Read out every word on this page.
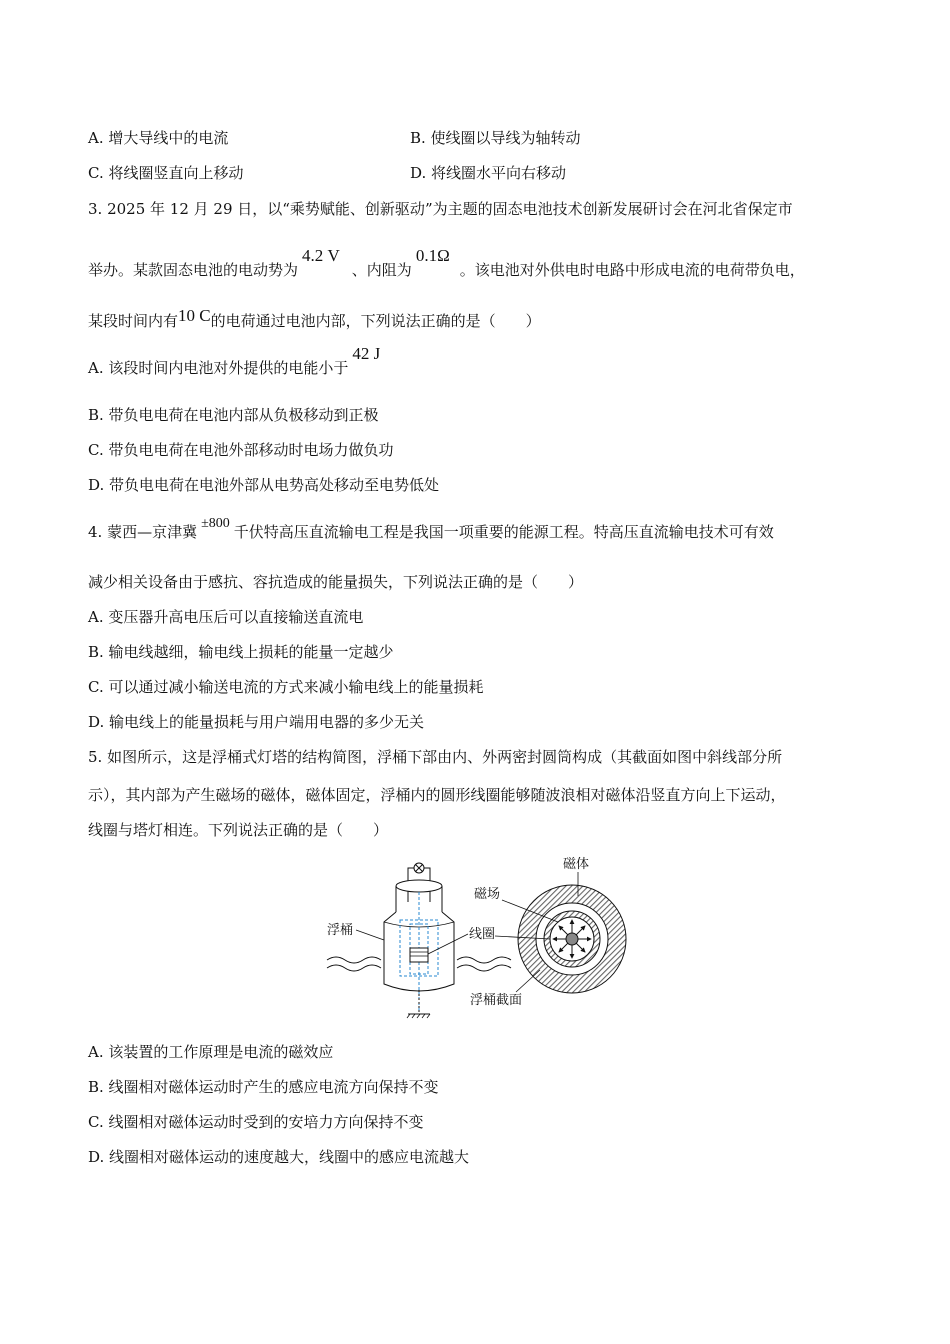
A. 增大导线中的电流	B. 使线圈以导线为轴转动
C. 将线圈竖直向上移动	D. 将线圈水平向右移动
3. 2025 年 12 月 29 日，以“乘势赋能、创新驱动”为主题的固态电池技术创新发展研讨会在河北省保定市
举办。某款固态电池的电动势为4.2 V、内阻为0.1Ω。该电池对外供电时电路中形成电流的电荷带负电，
某段时间内有10 C的电荷通过电池内部，下列说法正确的是（　　）
A. 该段时间内电池对外提供的电能小于42 J
B. 带负电电荷在电池内部从负极移动到正极
C. 带负电电荷在电池外部移动时电场力做负功
D. 带负电电荷在电池外部从电势高处移动至电势低处
4. 蒙西—京津冀 ±800 千伏特高压直流输电工程是我国一项重要的能源工程。特高压直流输电技术可有效
减少相关设备由于感抗、容抗造成的能量损失，下列说法正确的是（　　）
A. 变压器升高电压后可以直接输送直流电
B. 输电线越细，输电线上损耗的能量一定越少
C. 可以通过减小输送电流的方式来减小输电线上的能量损耗
D. 输电线上的能量损耗与用户端用电器的多少无关
5. 如图所示，这是浮桶式灯塔的结构简图，浮桶下部由内、外两密封圆筒构成（其截面如图中斜线部分所
示），其内部为产生磁场的磁体，磁体固定，浮桶内的圆形线圈能够随波浪相对磁体沿竖直方向上下运动，
线圈与塔灯相连。下列说法正确的是（　　）
浮桶	线圈
磁体
磁场
浮桶截面
A. 该装置的工作原理是电流的磁效应
B. 线圈相对磁体运动时产生的感应电流方向保持不变
C. 线圈相对磁体运动时受到的安培力方向保持不变
D. 线圈相对磁体运动的速度越大，线圈中的感应电流越大
